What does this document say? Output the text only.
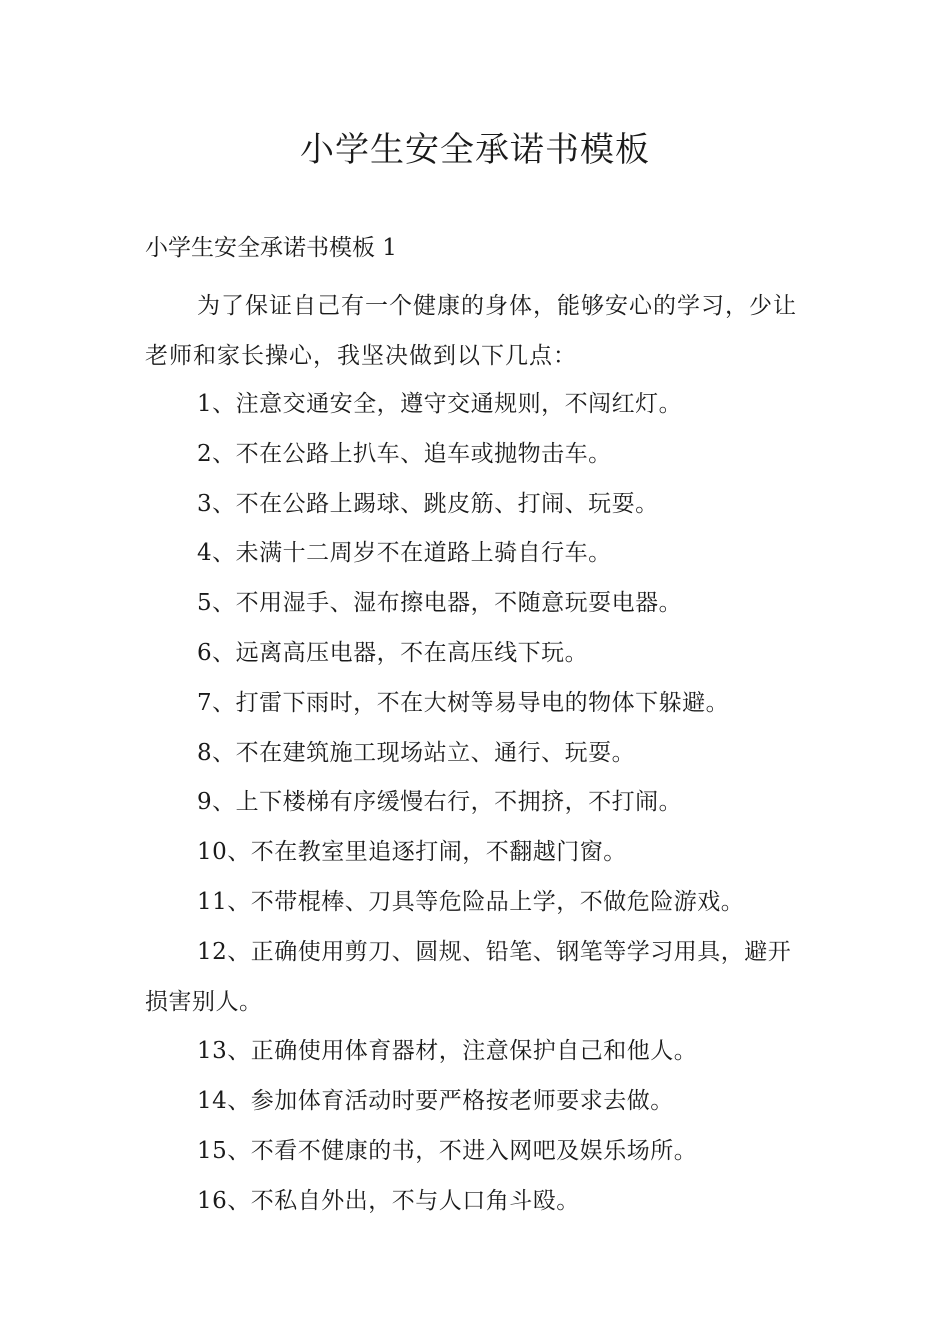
小学生安全承诺书模板

小学生安全承诺书模板 1

为了保证自己有一个健康的身体，能够安心的学习，少让老师和家长操心，我坚决做到以下几点：

1、注意交通安全，遵守交通规则，不闯红灯。
2、不在公路上扒车、追车或抛物击车。
3、不在公路上踢球、跳皮筋、打闹、玩耍。
4、未满十二周岁不在道路上骑自行车。
5、不用湿手、湿布擦电器，不随意玩耍电器。
6、远离高压电器，不在高压线下玩。
7、打雷下雨时，不在大树等易导电的物体下躲避。
8、不在建筑施工现场站立、通行、玩耍。
9、上下楼梯有序缓慢右行，不拥挤，不打闹。
10、不在教室里追逐打闹，不翻越门窗。
11、不带棍棒、刀具等危险品上学，不做危险游戏。
12、正确使用剪刀、圆规、铅笔、钢笔等学习用具，避开损害别人。
13、正确使用体育器材，注意保护自己和他人。
14、参加体育活动时要严格按老师要求去做。
15、不看不健康的书，不进入网吧及娱乐场所。
16、不私自外出，不与人口角斗殴。
